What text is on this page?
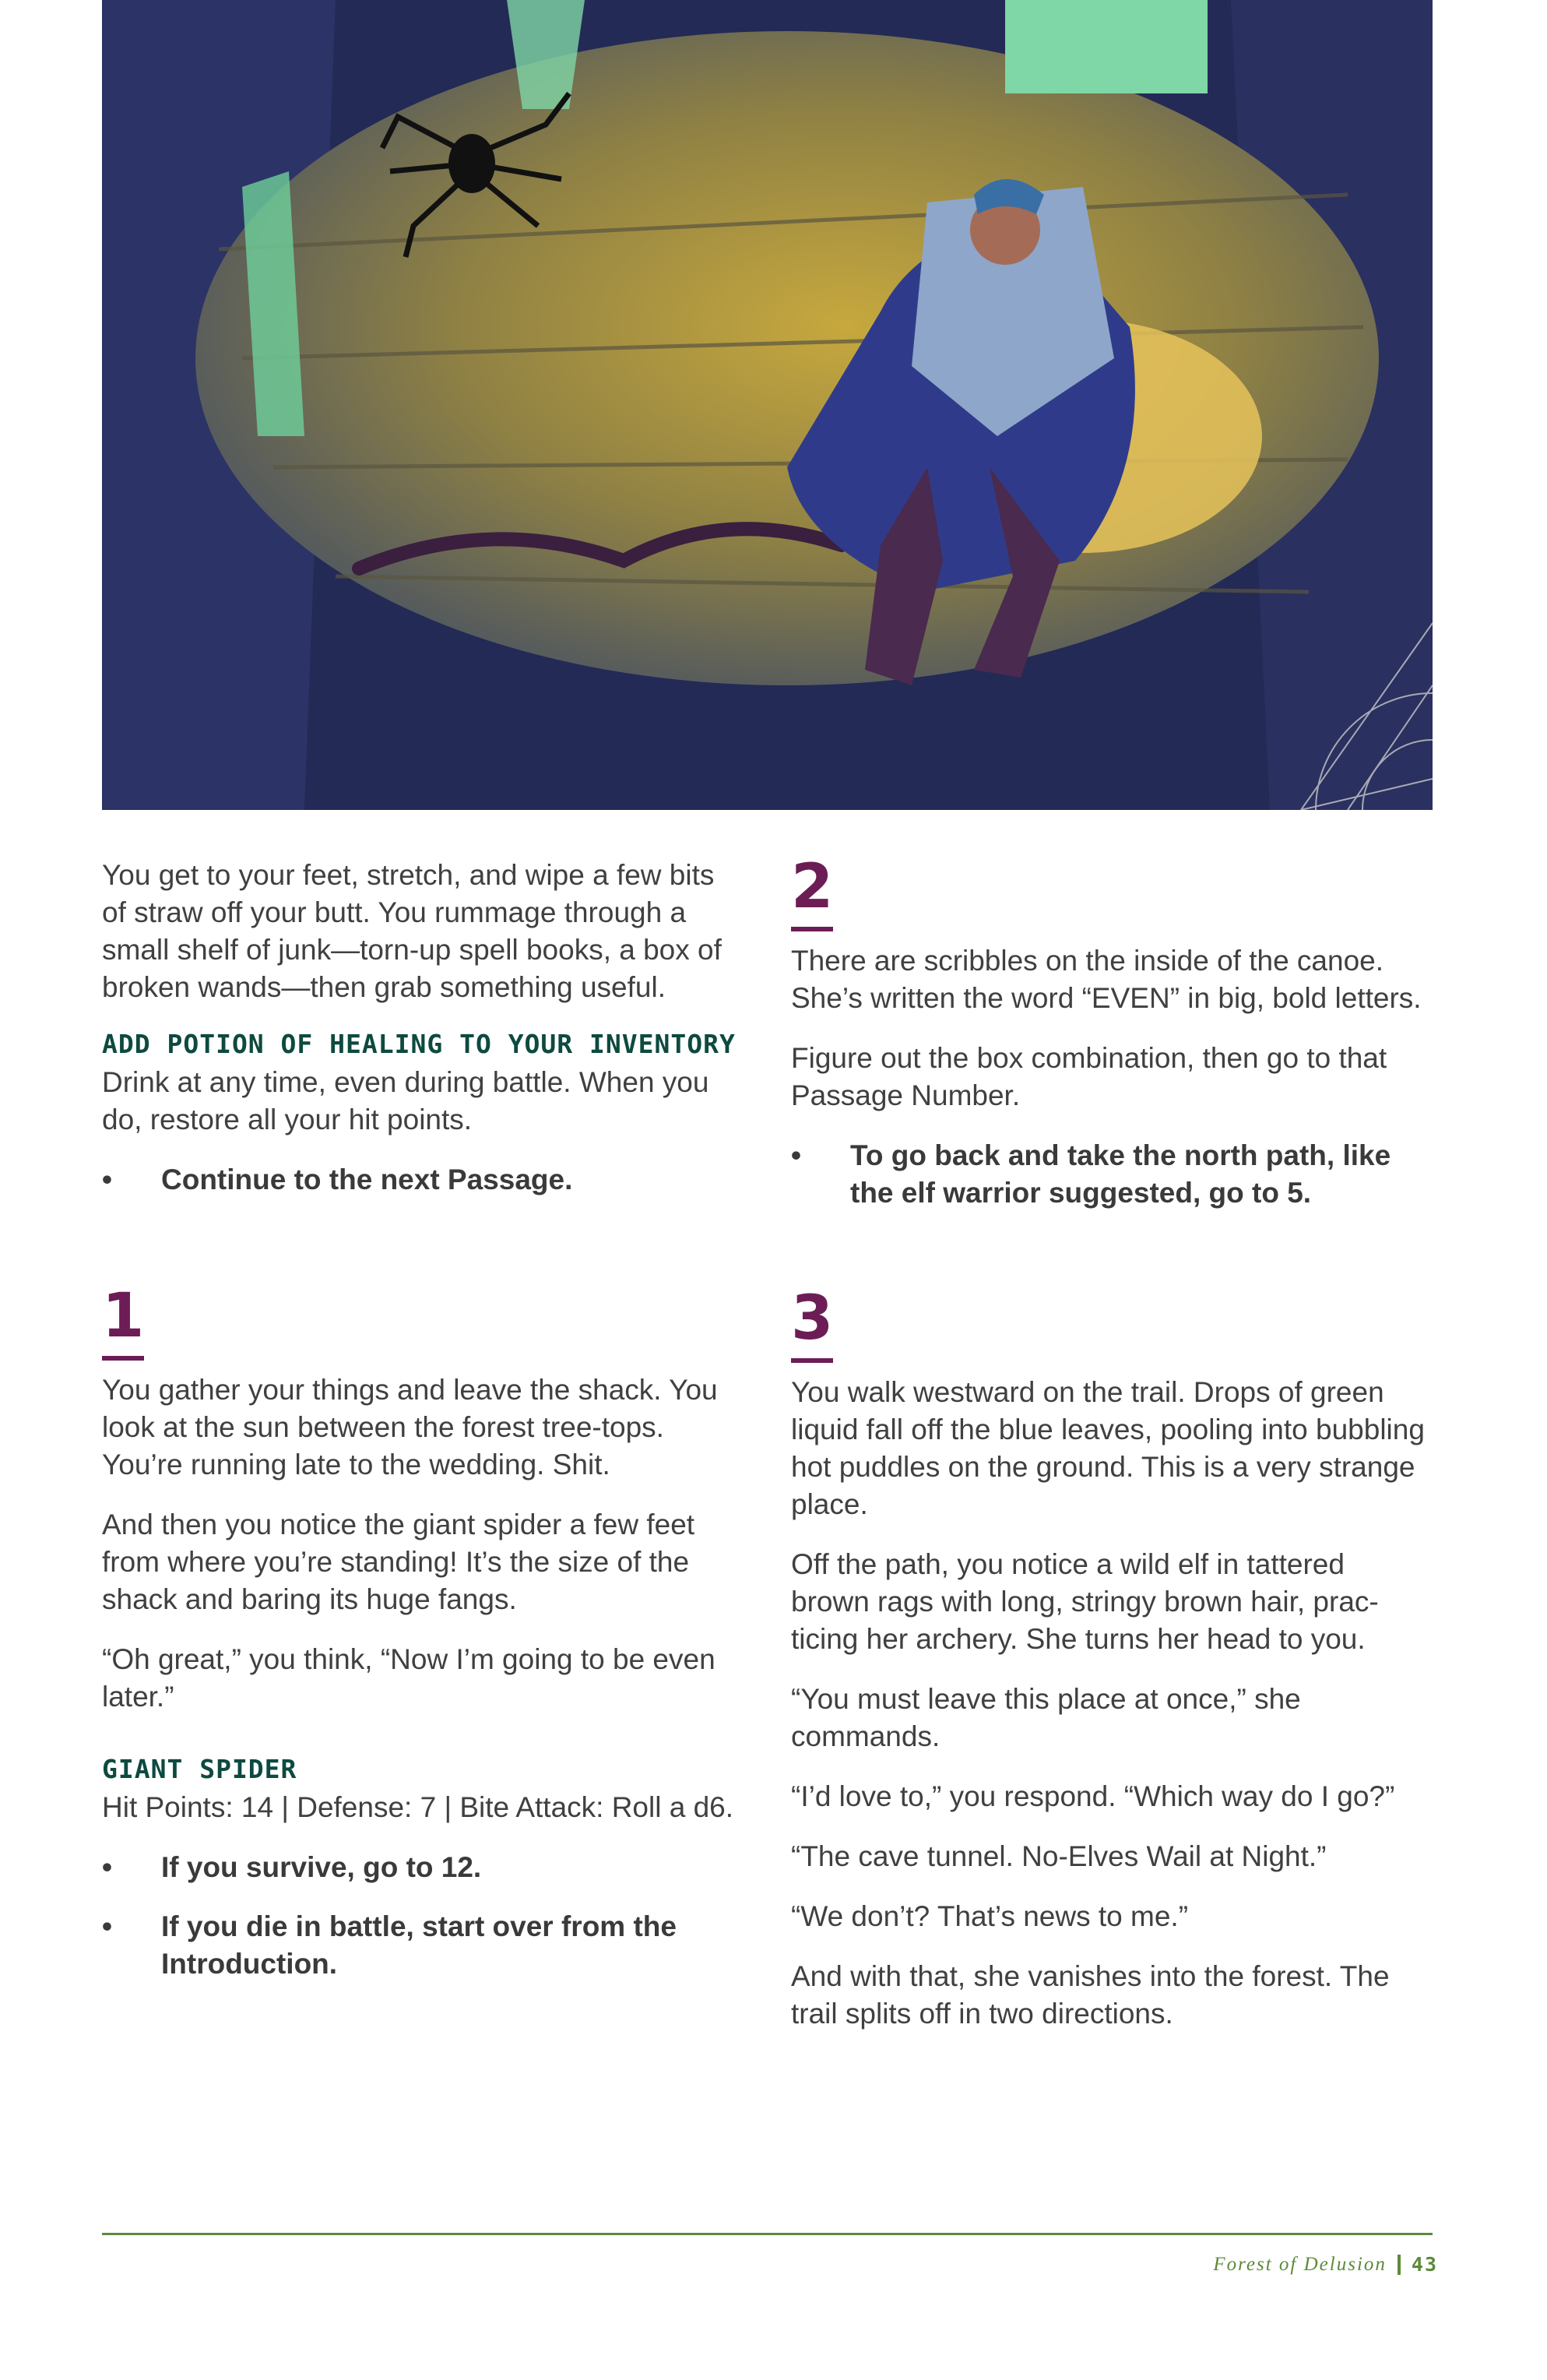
You get to your feet, stretch, and wipe a few bits of straw off your butt. You rummage through a small shelf of junk—torn-up spell books, a box of broken wands—then grab something useful.

ADD POTION OF HEALING TO YOUR INVENTORY

Drink at any time, even during battle. When you do, restore all your hit points.

•	Continue to the next Passage.
1

You gather your things and leave the shack. You look at the sun between the forest tree-tops. You’re running late to the wedding. Shit.

And then you notice the giant spider a few feet from where you’re standing! It’s the size of the shack and baring its huge fangs.

“Oh great,” you think, “Now I’m going to be even later.”

GIANT SPIDER

Hit Points: 14 | Defense: 7 | Bite Attack: Roll a d6.

•	If you survive, go to 12.
•	If you die in battle, start over from the Introduction.
2

There are scribbles on the inside of the canoe. She’s written the word “EVEN” in big, bold letters.

Figure out the box combination, then go to that Passage Number.

•	To go back and take the north path, like the elf warrior suggested, go to 5.
3

You walk westward on the trail. Drops of green liquid fall off the blue leaves, pooling into bubbling hot puddles on the ground. This is a very strange place.

Off the path, you notice a wild elf in tattered brown rags with long, stringy brown hair, prac-ticing her archery. She turns her head to you.

“You must leave this place at once,” she commands.

“I’d love to,” you respond. “Which way do I go?”

“The cave tunnel. No-Elves Wail at Night.”

“We don’t? That’s news to me.”

And with that, she vanishes into the forest. The trail splits off in two directions.

Forest of Delusion 43
